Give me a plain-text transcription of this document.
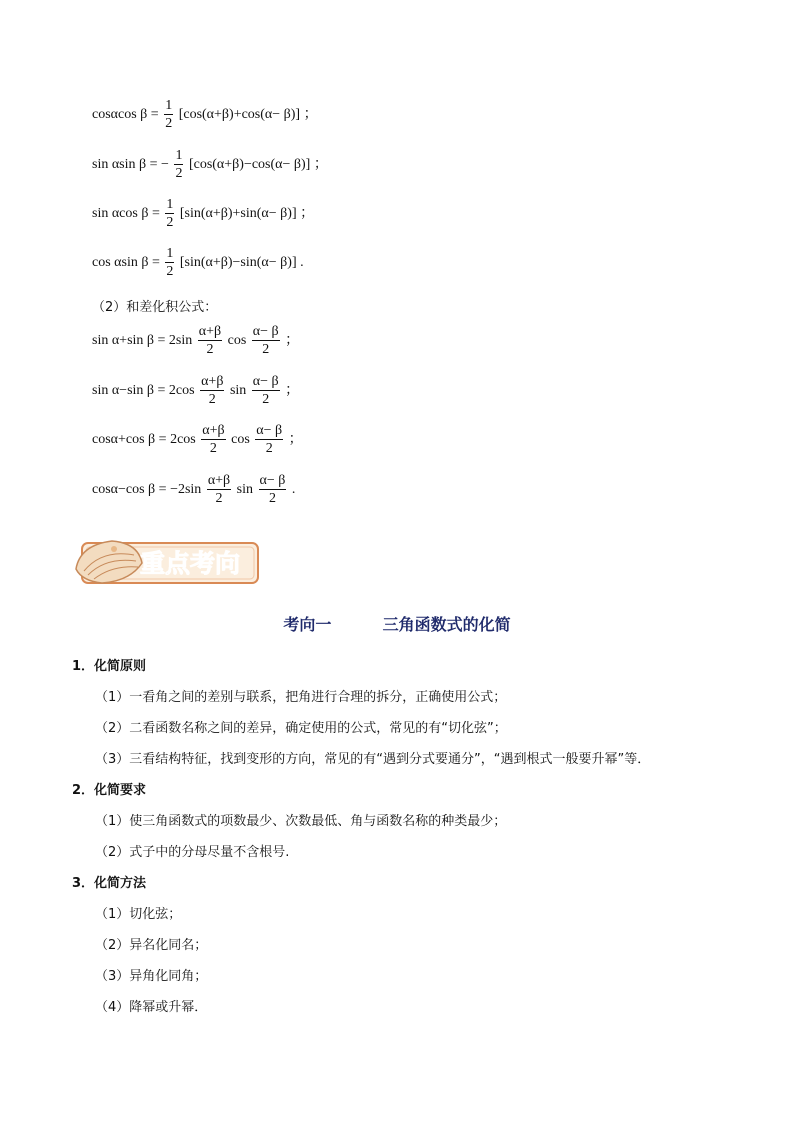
cosαcos $\beta = \frac{1}{2} [\cos(\alpha+\beta)+\cos(\alpha- \beta)]$ ；
sin αsin β = − $\frac{1}{2} [\cos(\alpha+\beta)-\cos(\alpha- \beta)]$ ；
sin αcos $\beta = \frac{1}{2} [\sin(\alpha+\beta)+\sin(\alpha- \beta)]$ ；
cos αsin $\beta = \frac{1}{2} [\sin(\alpha+\beta)-\sin(\alpha- \beta)]$ .
（2）和差化积公式：
sin α+sin $\beta = 2\sin \frac{\alpha+\beta}{2}$ $\cos \frac{\alpha- \beta}{2}$ ；
sin α−sin $\beta = 2\cos \frac{\alpha+\beta}{2}$ $\sin \frac{\alpha- \beta}{2}$ ；
cosα+cos $\beta = 2\cos \frac{\alpha+\beta}{2}$ $\cos \frac{\alpha- \beta}{2}$ ；
cosα−cos $\beta = -2\sin \frac{\alpha+\beta}{2}$ $\sin \frac{\alpha- \beta}{2}$ .
重点考向
考向一	三角函数式的化简
1．化简原则
（1）一看角之间的差别与联系，把角进行合理的拆分，正确使用公式；
（2）二看函数名称之间的差异，确定使用的公式，常见的有“切化弦”；
（3）三看结构特征，找到变形的方向，常见的有“遇到分式要通分”，“遇到根式一般要升幂”等．
2．化简要求
（1）使三角函数式的项数最少、次数最低、角与函数名称的种类最少；
（2）式子中的分母尽量不含根号.
3．化简方法
（1）切化弦；
（2）异名化同名；
（3）异角化同角；
（4）降幂或升幂．
